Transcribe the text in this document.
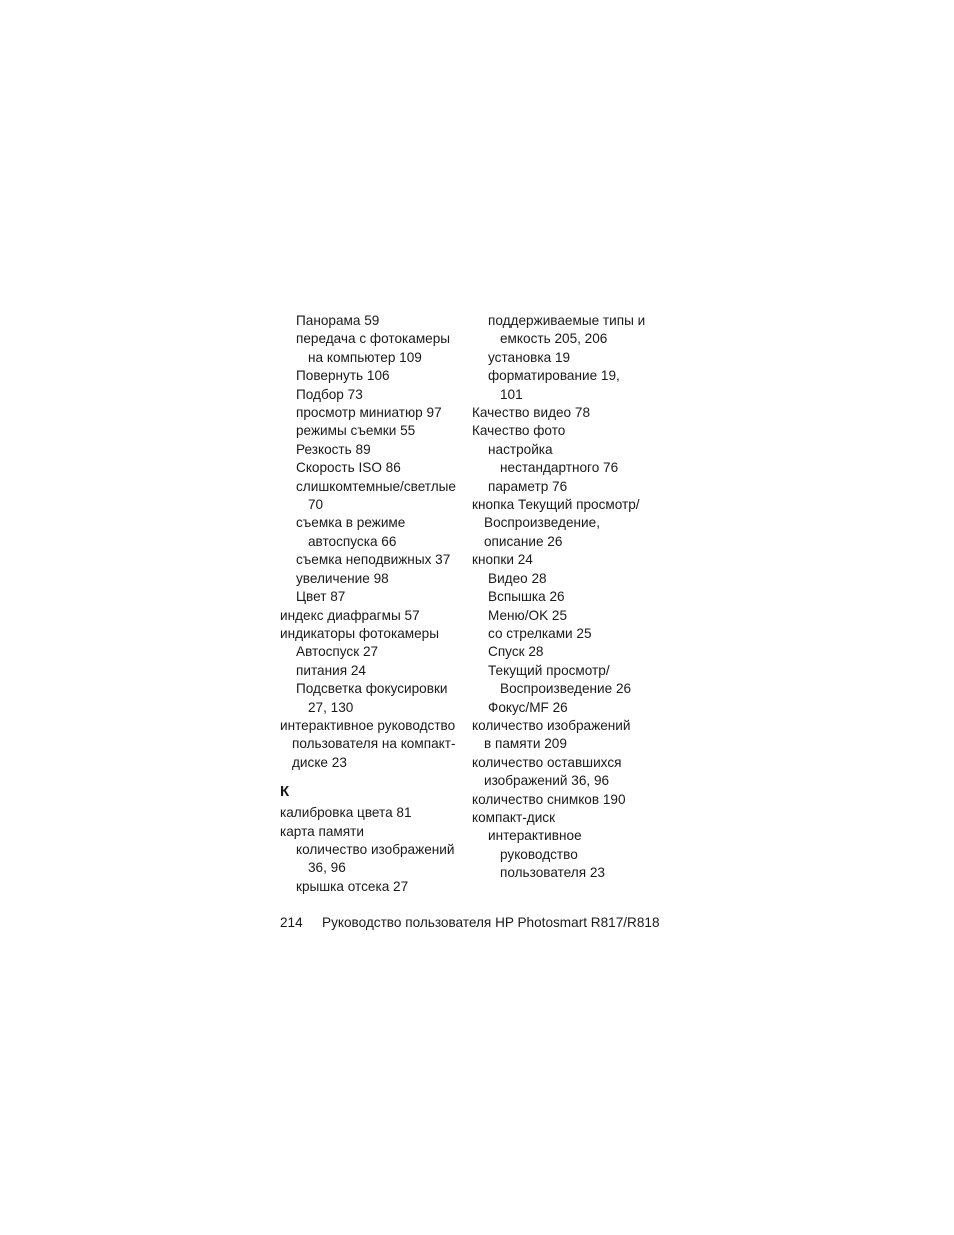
Панорама 59
передача с фотокамеры
на компьютер 109
Повернуть 106
Подбор 73
просмотр миниатюр 97
режимы съемки 55
Резкость 89
Скорость ISO 86
слишкомтемные/светлые
70
съемка в режиме
автоспуска 66
съемка неподвижных 37
увеличение 98
Цвет 87
индекс диафрагмы 57
индикаторы фотокамеры
Автоспуск 27
питания 24
Подсветка фокусировки
27, 130
интерактивное руководство
пользователя на компакт-
диске 23
К
калибровка цвета 81
карта памяти
количество изображений
36, 96
крышка отсека 27
поддерживаемые типы и
емкость 205, 206
установка 19
форматирование 19,
101
Качество видео 78
Качество фото
настройка
нестандартного 76
параметр 76
кнопка Текущий просмотр/
Воспроизведение,
описание 26
кнопки 24
Видео 28
Вспышка 26
Меню/OK 25
со стрелками 25
Спуск 28
Текущий просмотр/
Воспроизведение 26
Фокус/MF 26
количество изображений
в памяти 209
количество оставшихся
изображений 36, 96
количество снимков 190
компакт-диск
интерактивное
руководство
пользователя 23
214 Руководство пользователя HP Photosmart R817/R818
